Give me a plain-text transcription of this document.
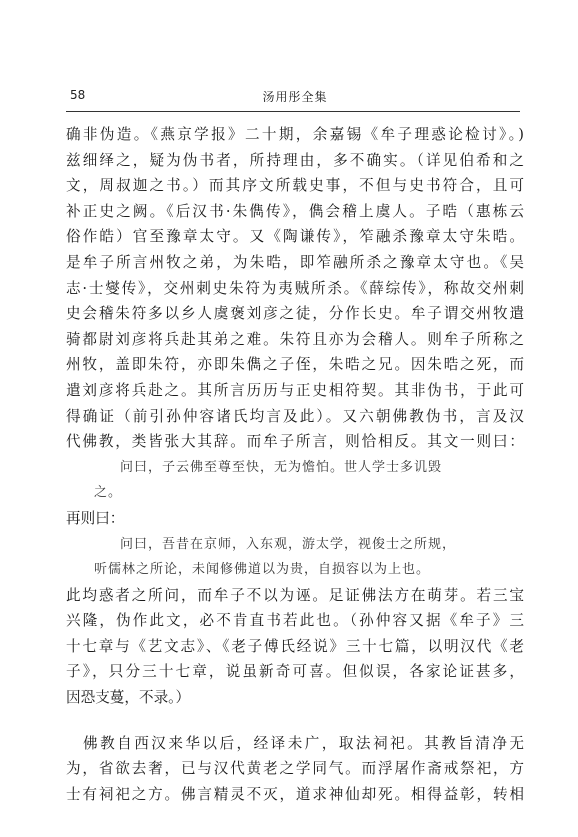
58	汤用彤全集
确非伪造。《燕京学报》二十期，余嘉锡《牟子理惑论检讨》。)
兹细绎之，疑为伪书者，所持理由，多不确实。（详见伯希和之
文，周叔迦之书。）而其序文所载史事，不但与史书符合，且可
补正史之阙。《后汉书·朱儁传》，儁会稽上虞人。子晧（惠栋云
俗作皓）官至豫章太守。又《陶谦传》，笮融杀豫章太守朱晧。
是牟子所言州牧之弟，为朱晧，即笮融所杀之豫章太守也。《吴
志·士燮传》，交州刺史朱符为夷贼所杀。《薛综传》，称故交州刺
史会稽朱符多以乡人虞褒刘彦之徒，分作长史。牟子谓交州牧遣
骑都尉刘彦将兵赴其弟之难。朱符且亦为会稽人。则牟子所称之
州牧，盖即朱符，亦即朱儁之子侄，朱晧之兄。因朱晧之死，而
遣刘彦将兵赴之。其所言历历与正史相符契。其非伪书，于此可
得确证（前引孙仲容诸氏均言及此）。又六朝佛教伪书，言及汉
代佛教，类皆张大其辞。而牟子所言，则恰相反。其文一则曰：
问曰，子云佛至尊至快，无为憺怕。世人学士多讥毁
之。
再则曰：
问曰，吾昔在京师，入东观，游太学，视俊士之所规，
听儒林之所论，未闻修佛道以为贵，自损容以为上也。
此均惑者之所问，而牟子不以为诬。足证佛法方在萌芽。若三宝
兴隆，伪作此文，必不肯直书若此也。（孙仲容又据《牟子》三
十七章与《艺文志》、《老子傅氏经说》三十七篇，以明汉代《老
子》，只分三十七章，说虽新奇可喜。但似误，各家论证甚多，
因恐支蔓，不录。）
　佛教自西汉来华以后，经译未广，取法祠祀。其教旨清净无
为，省欲去奢，已与汉代黄老之学同气。而浮屠作斋戒祭祀，方
士有祠祀之方。佛言精灵不灭，道求神仙却死。相得益彰，转相
